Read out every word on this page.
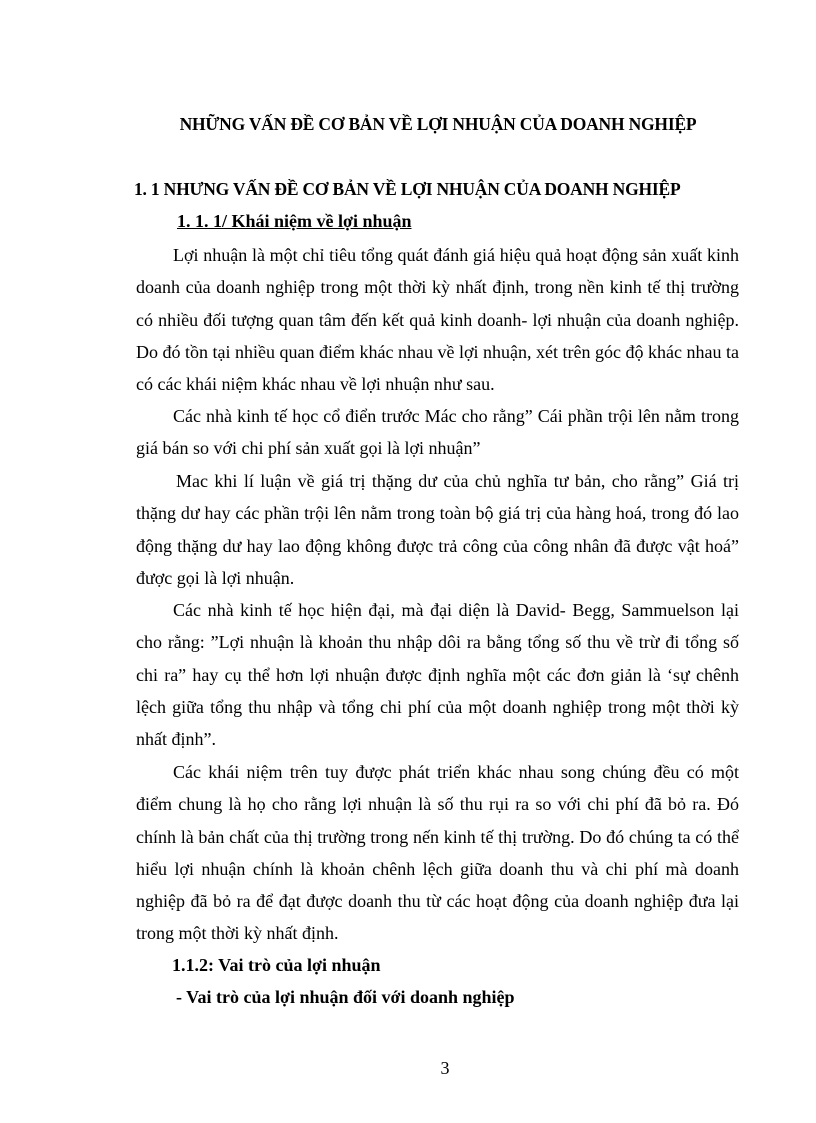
NHỮNG VẤN ĐỀ CƠ BẢN VỀ LỢI NHUẬN CỦA DOANH NGHIỆP
1. 1 NHƯNG VẤN ĐỀ CƠ BẢN VỀ LỢI NHUẬN CỦA DOANH NGHIỆP
1. 1. 1/ Khái niệm về lợi nhuận

Lợi nhuận là một chỉ tiêu tổng quát đánh giá hiệu quả hoạt động sản xuất kinh doanh của doanh nghiệp trong một thời kỳ nhất định, trong nền kinh tế thị trường có nhiều đối tượng quan tâm đến kết quả kinh doanh- lợi nhuận của doanh nghiệp. Do đó tồn tại nhiều quan điểm khác nhau về lợi nhuận, xét trên góc độ khác nhau ta có các khái niệm khác nhau về lợi nhuận như sau.

Các nhà kinh tế học cổ điển trước Mác cho rằng” Cái phần trội lên nằm trong giá bán so với chi phí sản xuất gọi là lợi nhuận”

Mac khi lí luận về giá trị thặng dư của chủ nghĩa tư bản, cho rằng” Giá trị thặng dư hay các phần trội lên nằm trong toàn bộ giá trị của hàng hoá, trong đó lao động thặng dư hay lao động không được trả công của công nhân đã được vật hoá” được gọi là lợi nhuận.

Các nhà kinh tế học hiện đại, mà đại diện là David- Begg, Sammuelson lại cho rằng: ”Lợi nhuận là khoản thu nhập dôi ra bằng tổng số thu về trừ đi tổng số chi ra” hay cụ thể hơn lợi nhuận được định nghĩa một các đơn giản là ‘sự chênh lệch giữa tổng thu nhập và tổng chi phí của một doanh nghiệp trong một thời kỳ nhất định”.

Các khái niệm trên tuy được phát triển khác nhau song chúng đều có một điểm chung là họ cho rằng lợi nhuận là số thu rụi ra so với chi phí đã bỏ ra. Đó chính là bản chất của thị trường trong nến kinh tế thị trường. Do đó chúng ta có thể hiểu lợi nhuận chính là khoản chênh lệch giữa doanh thu và chi phí mà doanh nghiệp đã bỏ ra để đạt được doanh thu từ các hoạt động của doanh nghiệp đưa lại trong một thời kỳ nhất định.

1.1.2: Vai trò của lợi nhuận
- Vai trò của lợi nhuận đối với doanh nghiệp
3
